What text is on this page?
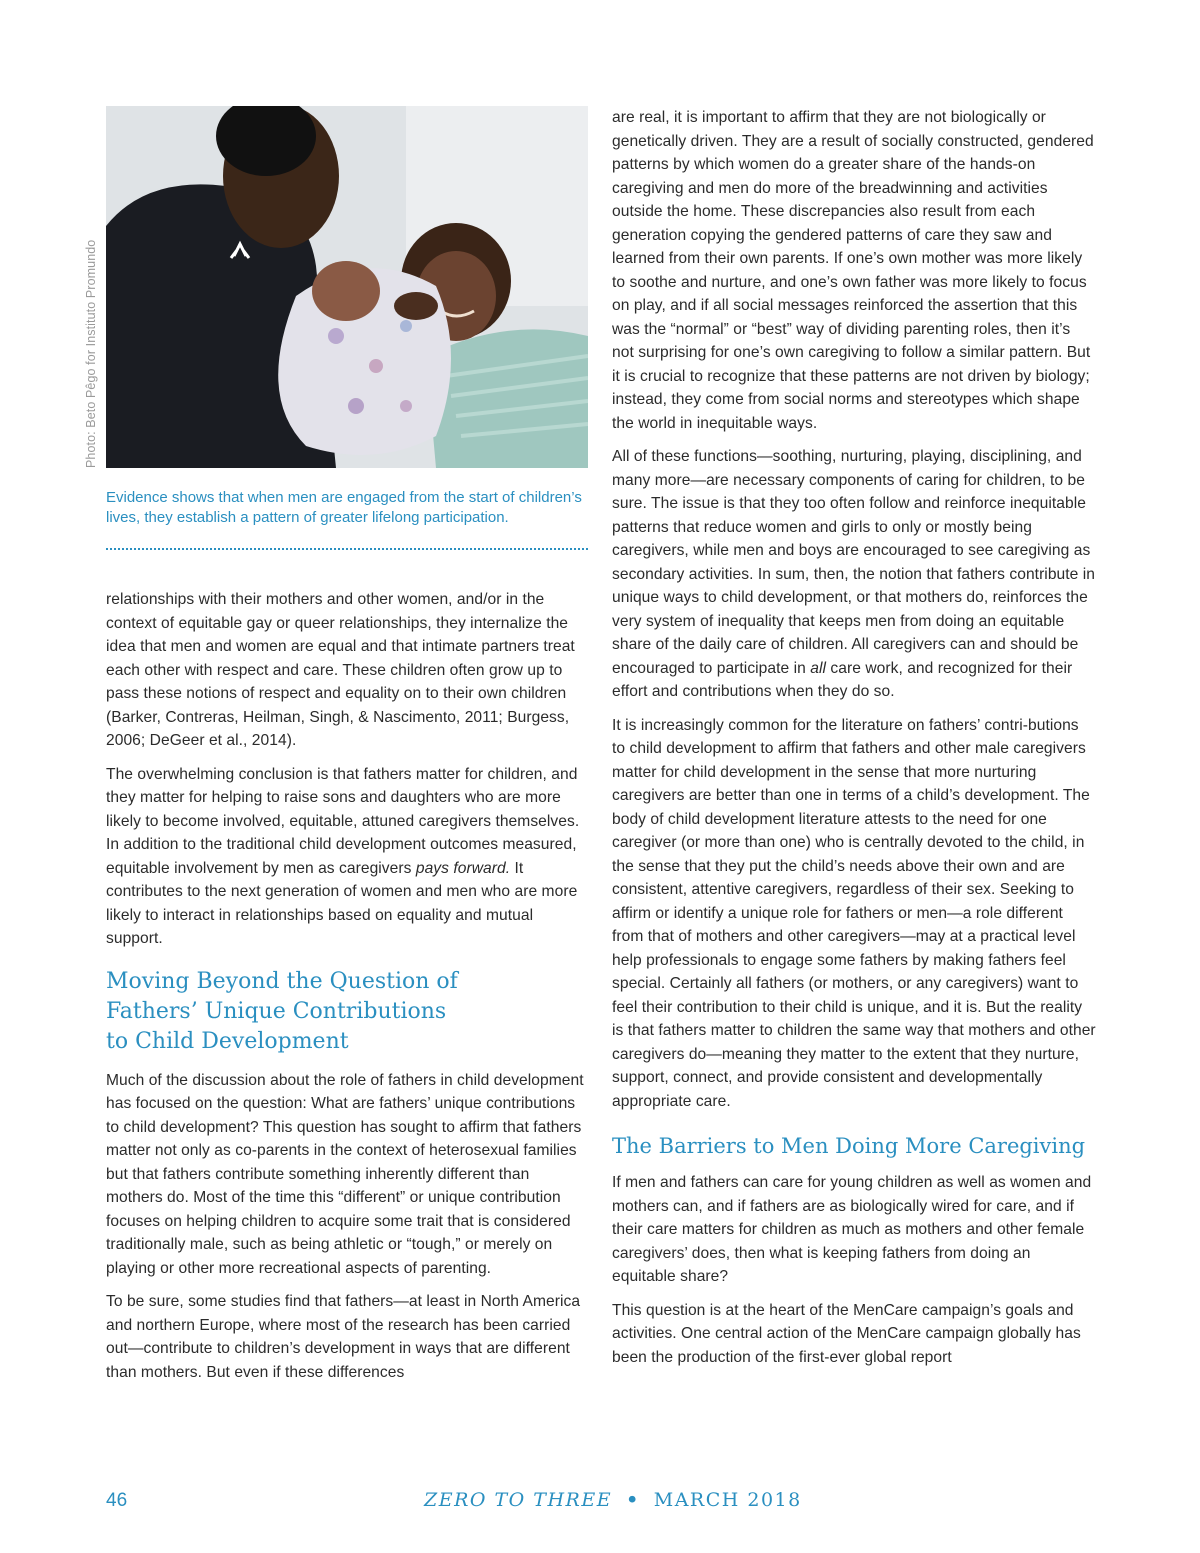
Photo: Beto Pêgo for Instituto Promundo
Evidence shows that when men are engaged from the start of children’s lives, they establish a pattern of greater lifelong participation.

relationships with their mothers and other women, and/or in the context of equitable gay or queer relationships, they internalize the idea that men and women are equal and that intimate partners treat each other with respect and care. These children often grow up to pass these notions of respect and equality on to their own children (Barker, Contreras, Heilman, Singh, & Nascimento, 2011; Burgess, 2006; DeGeer et al., 2014).

The overwhelming conclusion is that fathers matter for children, and they matter for helping to raise sons and daughters who are more likely to become involved, equitable, attuned caregivers themselves. In addition to the traditional child development outcomes measured, equitable involvement by men as caregivers pays forward. It contributes to the next generation of women and men who are more likely to interact in relationships based on equality and mutual support.

Moving Beyond the Question of
Fathers’ Unique Contributions
to Child Development

Much of the discussion about the role of fathers in child development has focused on the question: What are fathers’ unique contributions to child development? This question has sought to affirm that fathers matter not only as co-parents in the context of heterosexual families but that fathers contribute something inherently different than mothers do. Most of the time this “different” or unique contribution focuses on helping children to acquire some trait that is considered traditionally male, such as being athletic or “tough,” or merely on playing or other more recreational aspects of parenting.

To be sure, some studies find that fathers—at least in North America and northern Europe, where most of the research has been carried out—contribute to children’s development in ways that are different than mothers. But even if these differences

are real, it is important to affirm that they are not biologically or genetically driven. They are a result of socially constructed, gendered patterns by which women do a greater share of the hands-on caregiving and men do more of the breadwinning and activities outside the home. These discrepancies also result from each generation copying the gendered patterns of care they saw and learned from their own parents. If one’s own mother was more likely to soothe and nurture, and one’s own father was more likely to focus on play, and if all social messages reinforced the assertion that this was the “normal” or “best” way of dividing parenting roles, then it’s not surprising for one’s own caregiving to follow a similar pattern. But it is crucial to recognize that these patterns are not driven by biology; instead, they come from social norms and stereotypes which shape the world in inequitable ways.

All of these functions—soothing, nurturing, playing, disciplining, and many more—are necessary components of caring for children, to be sure. The issue is that they too often follow and reinforce inequitable patterns that reduce women and girls to only or mostly being caregivers, while men and boys are encouraged to see caregiving as secondary activities. In sum, then, the notion that fathers contribute in unique ways to child development, or that mothers do, reinforces the very system of inequality that keeps men from doing an equitable share of the daily care of children. All caregivers can and should be encouraged to participate in all care work, and recognized for their effort and contributions when they do so.

It is increasingly common for the literature on fathers’ contri-butions to child development to affirm that fathers and other male caregivers matter for child development in the sense that more nurturing caregivers are better than one in terms of a child’s development. The body of child development literature attests to the need for one caregiver (or more than one) who is centrally devoted to the child, in the sense that they put the child’s needs above their own and are consistent, attentive caregivers, regardless of their sex. Seeking to affirm or identify a unique role for fathers or men—a role different from that of mothers and other caregivers—may at a practical level help professionals to engage some fathers by making fathers feel special. Certainly all fathers (or mothers, or any caregivers) want to feel their contribution to their child is unique, and it is. But the reality is that fathers matter to children the same way that mothers and other caregivers do—meaning they matter to the extent that they nurture, support, connect, and provide consistent and developmentally appropriate care.

The Barriers to Men Doing More Caregiving

If men and fathers can care for young children as well as women and mothers can, and if fathers are as biologically wired for care, and if their care matters for children as much as mothers and other female caregivers’ does, then what is keeping fathers from doing an equitable share?

This question is at the heart of the MenCare campaign’s goals and activities. One central action of the MenCare campaign globally has been the production of the first-ever global report

46	ZERO TO THREE • MARCH 2018
